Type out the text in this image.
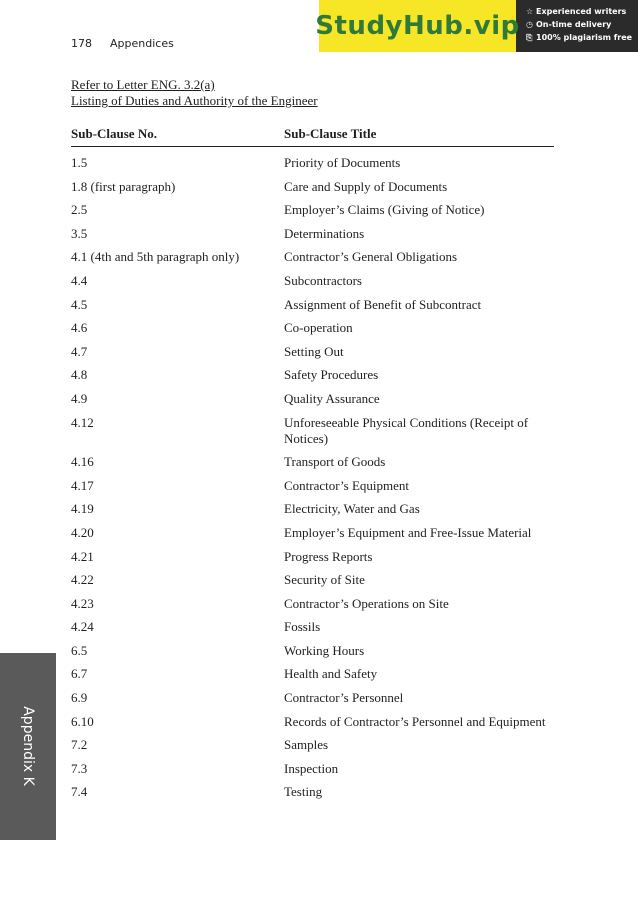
178 Appendices
StudyHub.vip ☆ Experienced writers
◷ On-time delivery
⎘ 100% plagiarism free
Refer to Letter ENG. 3.2(a)
Listing of Duties and Authority of the Engineer
Sub-Clause No.	Sub-Clause Title
1.5	Priority of Documents
1.8 (first paragraph)	Care and Supply of Documents
2.5	Employer’s Claims (Giving of Notice)
3.5	Determinations
4.1 (4th and 5th paragraph only)	Contractor’s General Obligations
4.4	Subcontractors
4.5	Assignment of Benefit of Subcontract
4.6	Co-operation
4.7	Setting Out
4.8	Safety Procedures
4.9	Quality Assurance
4.12	Unforeseeable Physical Conditions (Receipt of Notices)
4.16	Transport of Goods
4.17	Contractor’s Equipment
4.19	Electricity, Water and Gas
4.20	Employer’s Equipment and Free-Issue Material
4.21	Progress Reports
4.22	Security of Site
4.23	Contractor’s Operations on Site
4.24	Fossils
6.5	Working Hours
6.7	Health and Safety
6.9	Contractor’s Personnel
6.10	Records of Contractor’s Personnel and Equipment
7.2	Samples
7.3	Inspection
7.4	Testing
Appendix K
